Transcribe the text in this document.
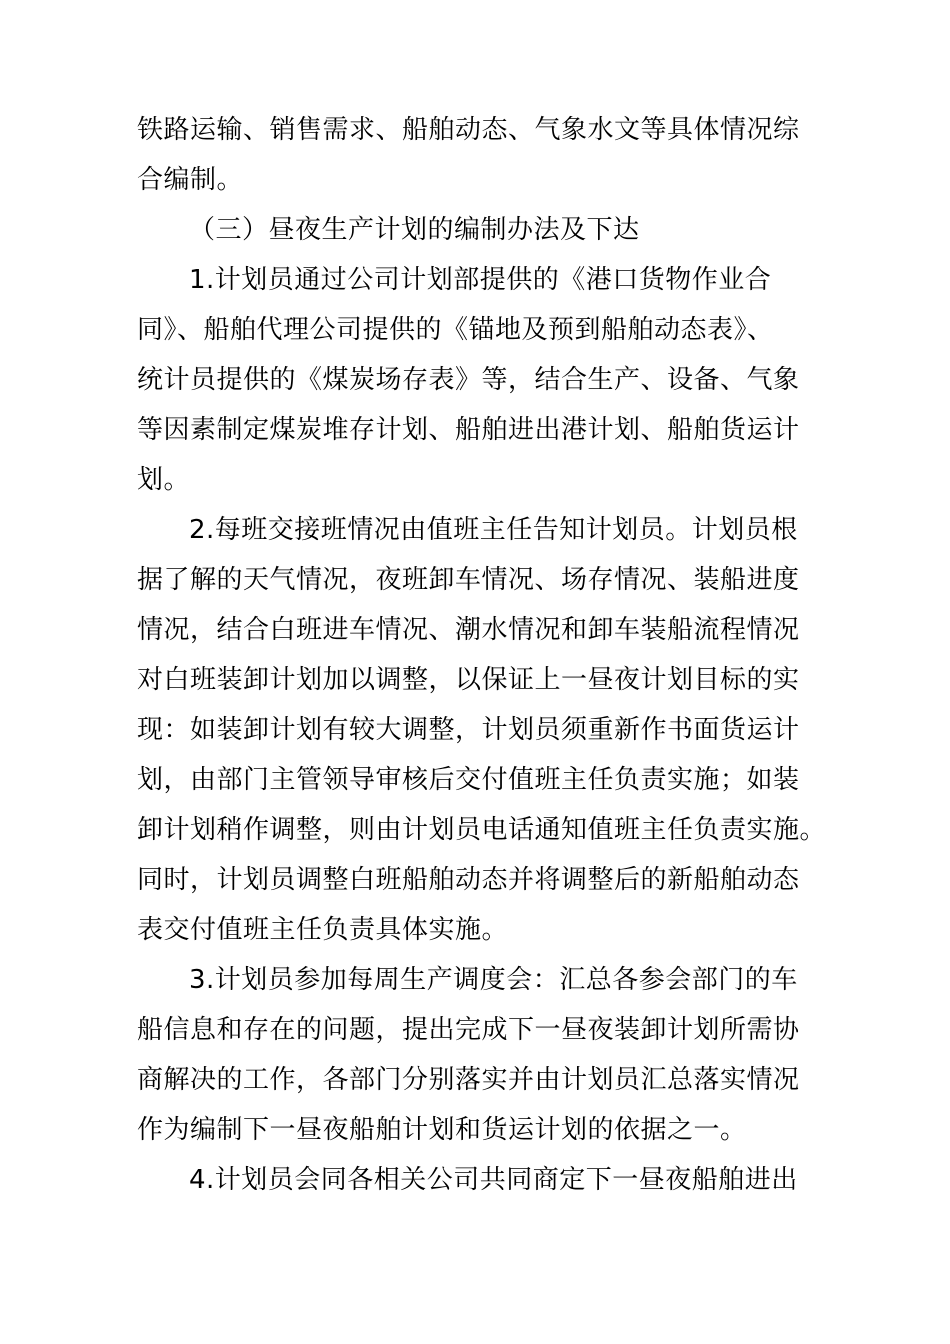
铁路运输、销售需求、船舶动态、气象水文等具体情况综
合编制。
（三）昼夜生产计划的编制办法及下达
1.计划员通过公司计划部提供的《港口货物作业合
同》、船舶代理公司提供的《锚地及预到船舶动态表》、
统计员提供的《煤炭场存表》等，结合生产、设备、气象
等因素制定煤炭堆存计划、船舶进出港计划、船舶货运计
划。
2.每班交接班情况由值班主任告知计划员。计划员根
据了解的天气情况，夜班卸车情况、场存情况、装船进度
情况，结合白班进车情况、潮水情况和卸车装船流程情况
对白班装卸计划加以调整，以保证上一昼夜计划目标的实
现：如装卸计划有较大调整，计划员须重新作书面货运计
划，由部门主管领导审核后交付值班主任负责实施；如装
卸计划稍作调整，则由计划员电话通知值班主任负责实施。
同时，计划员调整白班船舶动态并将调整后的新船舶动态
表交付值班主任负责具体实施。
3.计划员参加每周生产调度会：汇总各参会部门的车
船信息和存在的问题，提出完成下一昼夜装卸计划所需协
商解决的工作，各部门分别落实并由计划员汇总落实情况
作为编制下一昼夜船舶计划和货运计划的依据之一。
4.计划员会同各相关公司共同商定下一昼夜船舶进出
